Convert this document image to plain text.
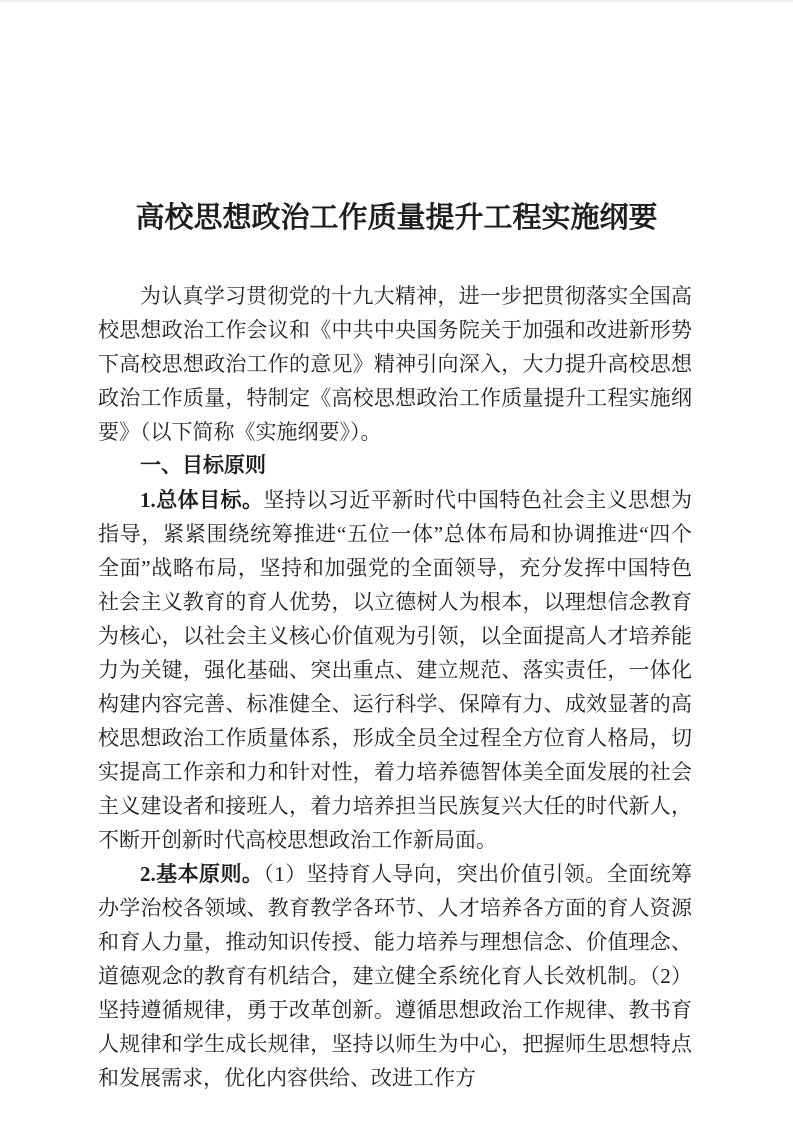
高校思想政治工作质量提升工程实施纲要

为认真学习贯彻党的十九大精神，进一步把贯彻落实全国高校思想政治工作会议和《中共中央国务院关于加强和改进新形势下高校思想政治工作的意见》精神引向深入，大力提升高校思想政治工作质量，特制定《高校思想政治工作质量提升工程实施纲要》（以下简称《实施纲要》）。

一、目标原则

1.总体目标。坚持以习近平新时代中国特色社会主义思想为指导，紧紧围绕统筹推进“五位一体”总体布局和协调推进“四个全面”战略布局，坚持和加强党的全面领导，充分发挥中国特色社会主义教育的育人优势，以立德树人为根本，以理想信念教育为核心，以社会主义核心价值观为引领，以全面提高人才培养能力为关键，强化基础、突出重点、建立规范、落实责任，一体化构建内容完善、标准健全、运行科学、保障有力、成效显著的高校思想政治工作质量体系，形成全员全过程全方位育人格局，切实提高工作亲和力和针对性，着力培养德智体美全面发展的社会主义建设者和接班人，着力培养担当民族复兴大任的时代新人，不断开创新时代高校思想政治工作新局面。

2.基本原则。（1）坚持育人导向，突出价值引领。全面统筹办学治校各领域、教育教学各环节、人才培养各方面的育人资源和育人力量，推动知识传授、能力培养与理想信念、价值理念、道德观念的教育有机结合，建立健全系统化育人长效机制。（2）坚持遵循规律，勇于改革创新。遵循思想政治工作规律、教书育人规律和学生成长规律，坚持以师生为中心，把握师生思想特点和发展需求，优化内容供给、改进工作方
